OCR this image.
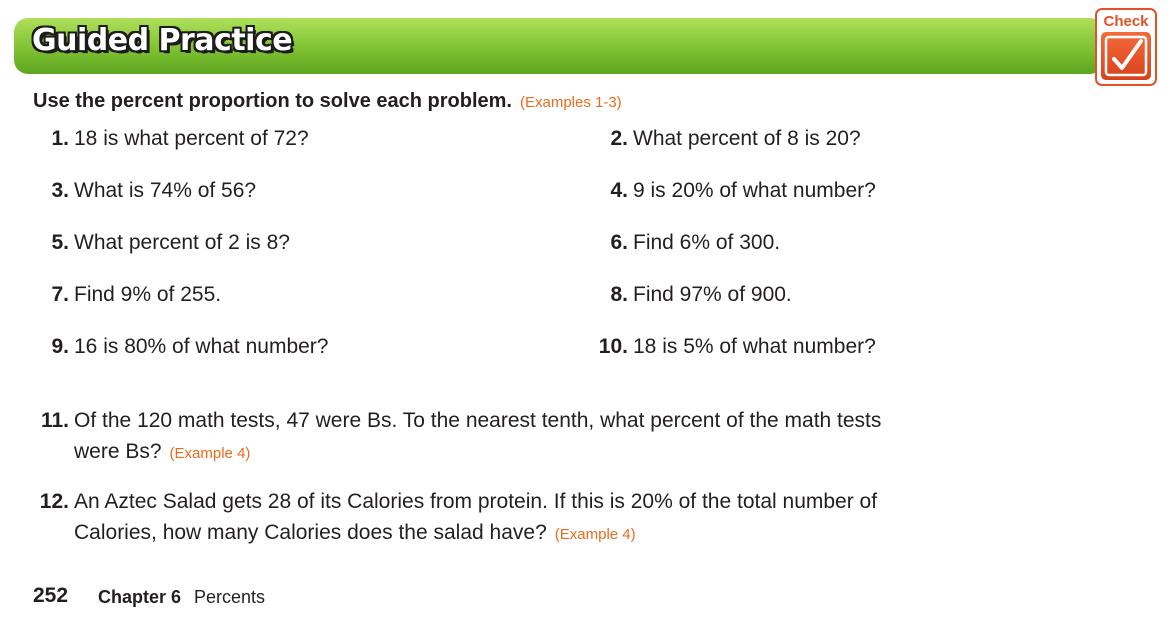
Guided Practice
Check
Use the percent proportion to solve each problem. (Examples 1-3)
1. 18 is what percent of 72?	2. What percent of 8 is 20?
3. What is 74% of 56?	4. 9 is 20% of what number?
5. What percent of 2 is 8?	6. Find 6% of 300.
7. Find 9% of 255.	8. Find 97% of 900.
9. 16 is 80% of what number?	10. 18 is 5% of what number?
11. Of the 120 math tests, 47 were Bs. To the nearest tenth, what percent of the math tests
were Bs? (Example 4)
12. An Aztec Salad gets 28 of its Calories from protein. If this is 20% of the total number of
Calories, how many Calories does the salad have? (Example 4)
252 Chapter 6 Percents
